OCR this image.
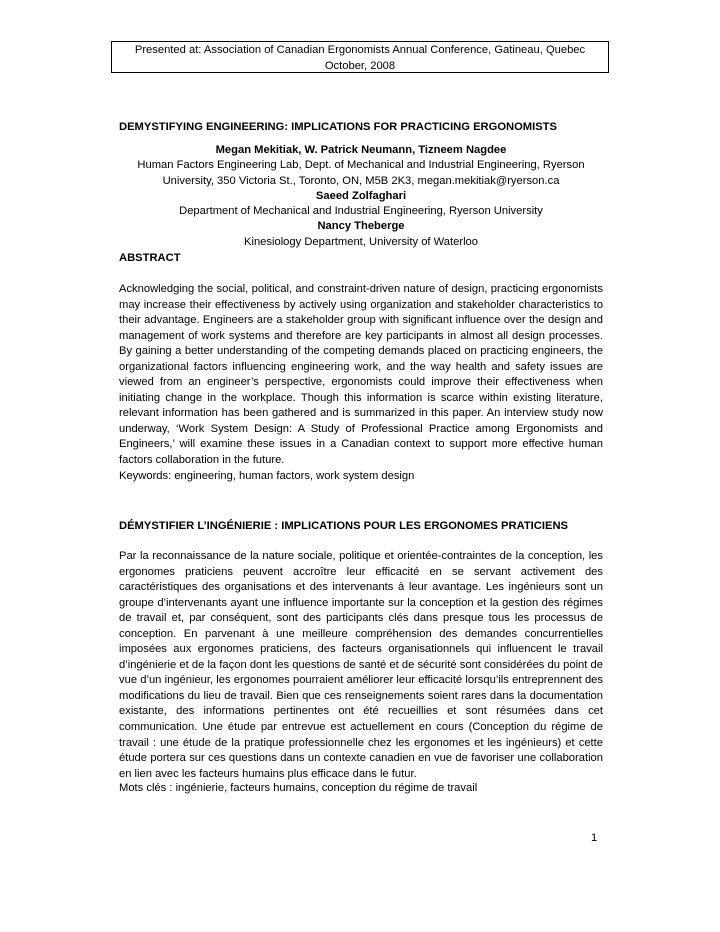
Presented at: Association of Canadian Ergonomists Annual Conference, Gatineau, Quebec
October, 2008
DEMYSTIFYING ENGINEERING: IMPLICATIONS FOR PRACTICING ERGONOMISTS
Megan Mekitiak, W. Patrick Neumann, Tizneem Nagdee
Human Factors Engineering Lab, Dept. of Mechanical and Industrial Engineering, Ryerson
University, 350 Victoria St., Toronto, ON, M5B 2K3, megan.mekitiak@ryerson.ca
Saeed Zolfaghari
Department of Mechanical and Industrial Engineering, Ryerson University
Nancy Theberge
Kinesiology Department, University of Waterloo
ABSTRACT
Acknowledging the social, political, and constraint-driven nature of design, practicing ergonomists may increase their effectiveness by actively using organization and stakeholder characteristics to their advantage. Engineers are a stakeholder group with significant influence over the design and management of work systems and therefore are key participants in almost all design processes. By gaining a better understanding of the competing demands placed on practicing engineers, the organizational factors influencing engineering work, and the way health and safety issues are viewed from an engineer’s perspective, ergonomists could improve their effectiveness when initiating change in the workplace. Though this information is scarce within existing literature, relevant information has been gathered and is summarized in this paper. An interview study now underway, ‘Work System Design: A Study of Professional Practice among Ergonomists and Engineers,’ will examine these issues in a Canadian context to support more effective human factors collaboration in the future.
Keywords: engineering, human factors, work system design
DÉMYSTIFIER L’INGÉNIERIE : IMPLICATIONS POUR LES ERGONOMES PRATICIENS
Par la reconnaissance de la nature sociale, politique et orientée-contraintes de la conception, les ergonomes praticiens peuvent accroître leur efficacité en se servant activement des caractéristiques des organisations et des intervenants à leur avantage. Les ingénieurs sont un groupe d’intervenants ayant une influence importante sur la conception et la gestion des régimes de travail et, par conséquent, sont des participants clés dans presque tous les processus de conception. En parvenant à une meilleure compréhension des demandes concurrentielles imposées aux ergonomes praticiens, des facteurs organisationnels qui influencent le travail d’ingénierie et de la façon dont les questions de santé et de sécurité sont considérées du point de vue d’un ingénieur, les ergonomes pourraient améliorer leur efficacité lorsqu’ils entreprennent des modifications du lieu de travail. Bien que ces renseignements soient rares dans la documentation existante, des informations pertinentes ont été recueillies et sont résumées dans cet communication. Une étude par entrevue est actuellement en cours (Conception du régime de travail : une étude de la pratique professionnelle chez les ergonomes et les ingénieurs) et cette étude portera sur ces questions dans un contexte canadien en vue de favoriser une collaboration en lien avec les facteurs humains plus efficace dans le futur.
Mots clés : ingénierie, facteurs humains, conception du régime de travail
1
